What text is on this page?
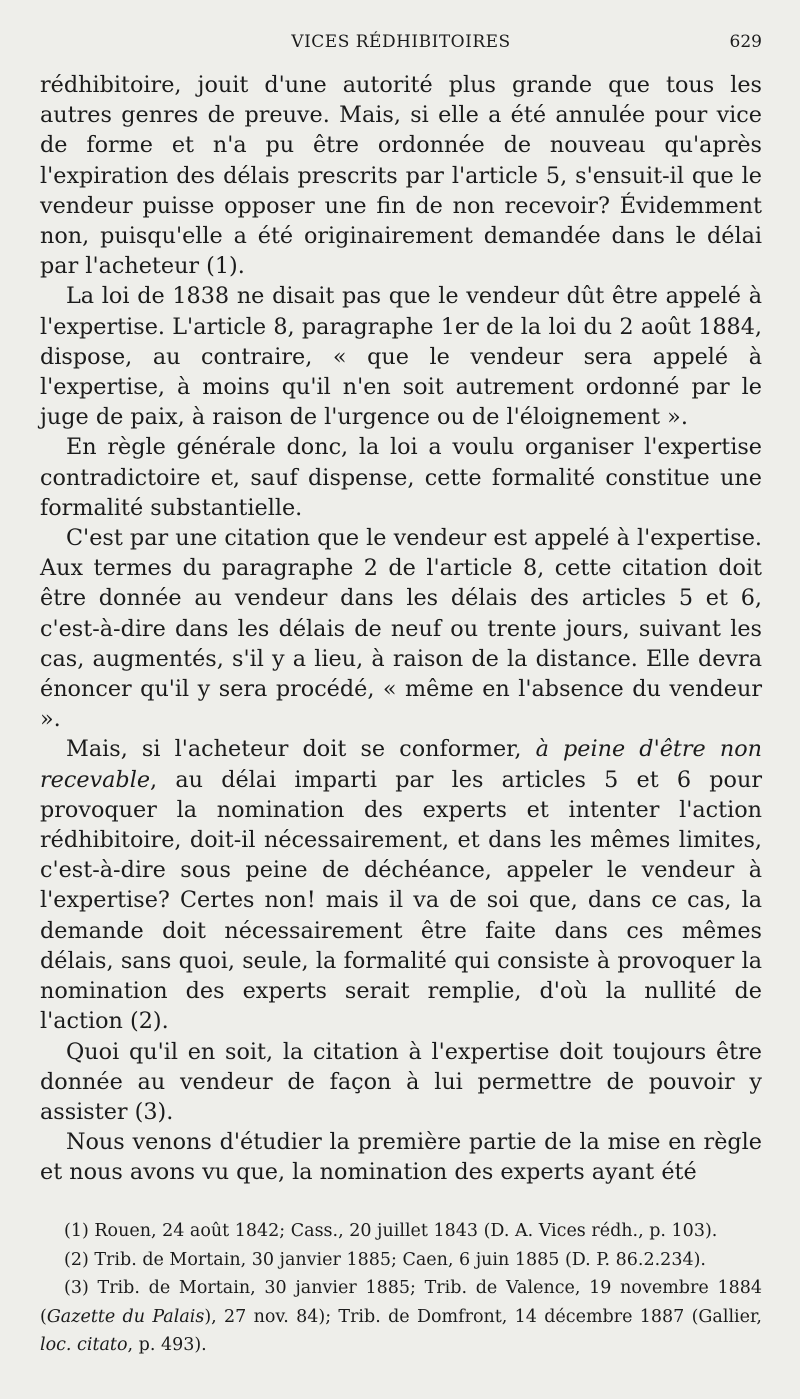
VICES RÉDHIBITOIRES	629

rédhibitoire, jouit d'une autorité plus grande que tous les autres genres de preuve. Mais, si elle a été annulée pour vice de forme et n'a pu être ordonnée de nouveau qu'après l'expiration des délais prescrits par l'article 5, s'ensuit-il que le vendeur puisse opposer une fin de non recevoir? Évidemment non, puisqu'elle a été originairement demandée dans le délai par l'acheteur (1).

La loi de 1838 ne disait pas que le vendeur dût être appelé à l'expertise. L'article 8, paragraphe 1er de la loi du 2 août 1884, dispose, au contraire, « que le vendeur sera appelé à l'expertise, à moins qu'il n'en soit autrement ordonné par le juge de paix, à raison de l'urgence ou de l'éloignement ».

En règle générale donc, la loi a voulu organiser l'expertise contradictoire et, sauf dispense, cette formalité constitue une formalité substantielle.

C'est par une citation que le vendeur est appelé à l'expertise. Aux termes du paragraphe 2 de l'article 8, cette citation doit être donnée au vendeur dans les délais des articles 5 et 6, c'est-à-dire dans les délais de neuf ou trente jours, suivant les cas, augmentés, s'il y a lieu, à raison de la distance. Elle devra énoncer qu'il y sera procédé, « même en l'absence du vendeur ».

Mais, si l'acheteur doit se conformer, à peine d'être non recevable, au délai imparti par les articles 5 et 6 pour provoquer la nomination des experts et intenter l'action rédhibitoire, doit-il nécessairement, et dans les mêmes limites, c'est-à-dire sous peine de déchéance, appeler le vendeur à l'expertise? Certes non! mais il va de soi que, dans ce cas, la demande doit nécessairement être faite dans ces mêmes délais, sans quoi, seule, la formalité qui consiste à provoquer la nomination des experts serait remplie, d'où la nullité de l'action (2).

Quoi qu'il en soit, la citation à l'expertise doit toujours être donnée au vendeur de façon à lui permettre de pouvoir y assister (3).

Nous venons d'étudier la première partie de la mise en règle et nous avons vu que, la nomination des experts ayant été

(1) Rouen, 24 août 1842; Cass., 20 juillet 1843 (D. A. Vices rédh., p. 103).

(2) Trib. de Mortain, 30 janvier 1885; Caen, 6 juin 1885 (D. P. 86.2.234).

(3) Trib. de Mortain, 30 janvier 1885; Trib. de Valence, 19 novembre 1884 (Gazette du Palais), 27 nov. 84); Trib. de Domfront, 14 décembre 1887 (Gallier, loc. citato, p. 493).
